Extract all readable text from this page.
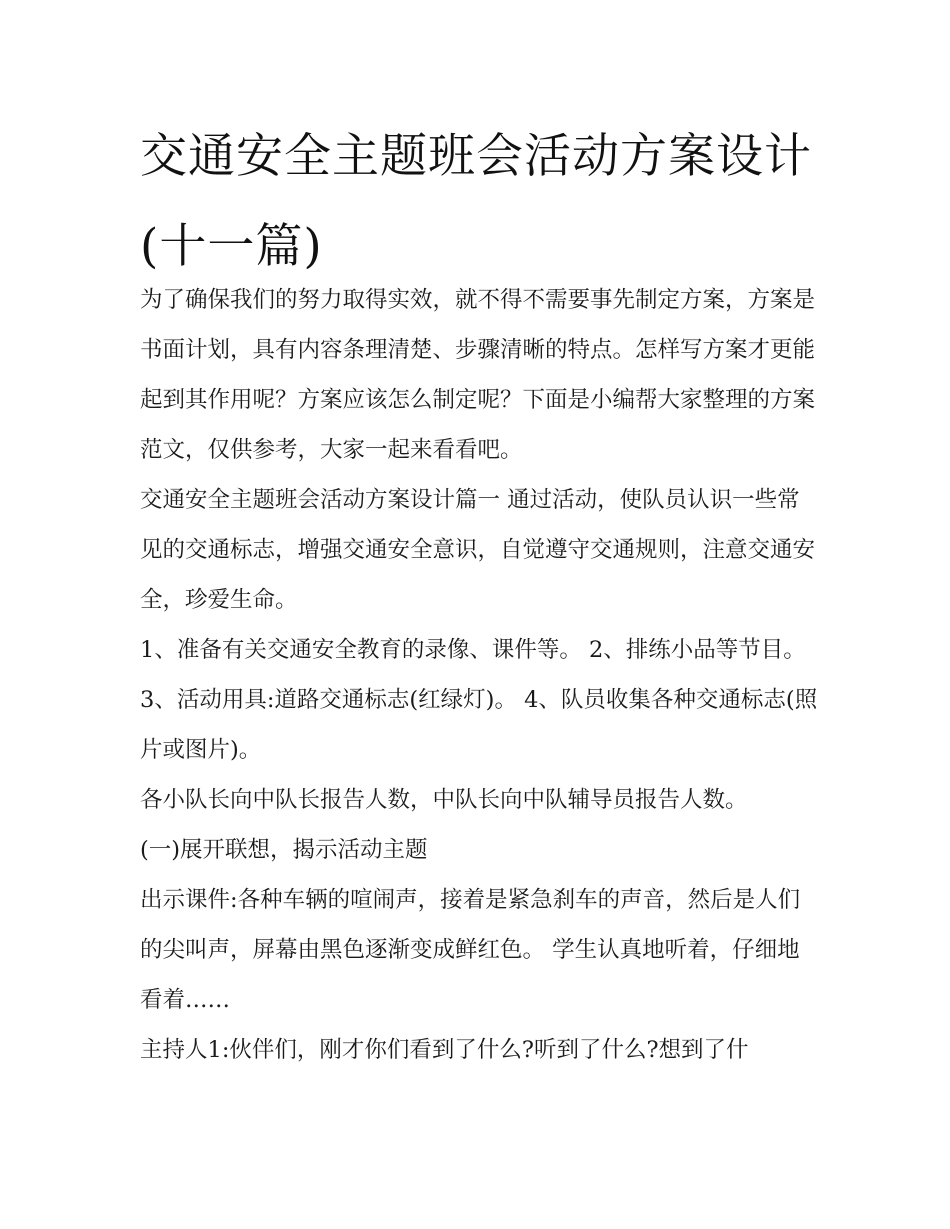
交通安全主题班会活动方案设计(十一篇)

为了确保我们的努力取得实效，就不得不需要事先制定方案，方案是书面计划，具有内容条理清楚、步骤清晰的特点。怎样写方案才更能起到其作用呢？方案应该怎么制定呢？下面是小编帮大家整理的方案范文，仅供参考，大家一起来看看吧。

交通安全主题班会活动方案设计篇一 通过活动，使队员认识一些常见的交通标志，增强交通安全意识，自觉遵守交通规则，注意交通安全，珍爱生命。

1、准备有关交通安全教育的录像、课件等。 2、排练小品等节目。 3、活动用具:道路交通标志(红绿灯)。 4、队员收集各种交通标志(照片或图片)。

各小队长向中队长报告人数，中队长向中队辅导员报告人数。

(一)展开联想，揭示活动主题

出示课件:各种车辆的喧闹声，接着是紧急刹车的声音，然后是人们的尖叫声，屏幕由黑色逐渐变成鲜红色。 学生认真地听着，仔细地看着……

主持人1:伙伴们，刚才你们看到了什么?听到了什么?想到了什
